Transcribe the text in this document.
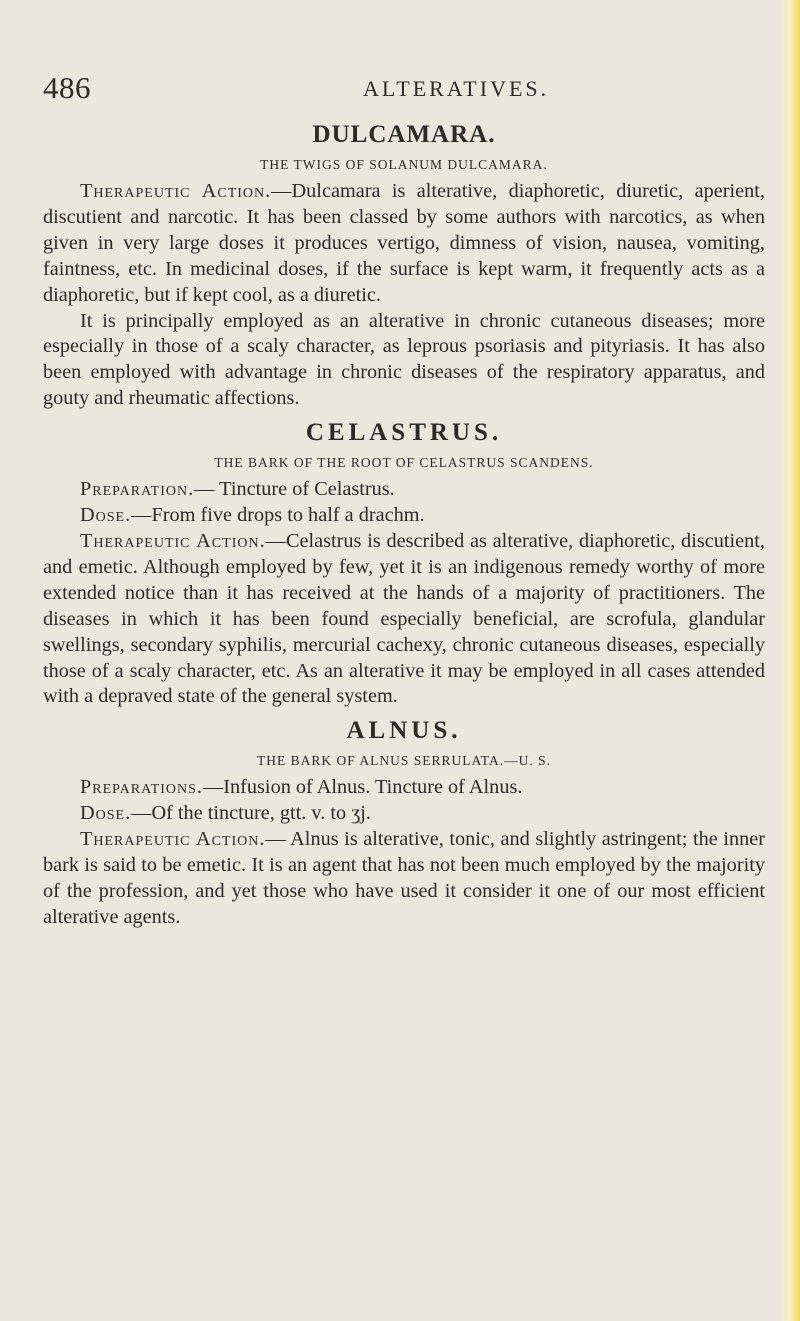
486	ALTERATIVES.
DULCAMARA.
THE TWIGS OF SOLANUM DULCAMARA.

Therapeutic Action.—Dulcamara is alterative, diaphoretic, diuretic, aperient, discutient and narcotic. It has been classed by some authors with narcotics, as when given in very large doses it produces vertigo, dimness of vision, nausea, vomiting, faintness, etc. In medicinal doses, if the surface is kept warm, it frequently acts as a diaphoretic, but if kept cool, as a diuretic.

It is principally employed as an alterative in chronic cutaneous diseases; more especially in those of a scaly character, as leprous psoriasis and pityriasis. It has also been employed with advantage in chronic diseases of the respiratory apparatus, and gouty and rheumatic affections.

CELASTRUS.
THE BARK OF THE ROOT OF CELASTRUS SCANDENS.

Preparation.— Tincture of Celastrus.

Dose.—From five drops to half a drachm.

Therapeutic Action.—Celastrus is described as alterative, diaphoretic, discutient, and emetic. Although employed by few, yet it is an indigenous remedy worthy of more extended notice than it has received at the hands of a majority of practitioners. The diseases in which it has been found especially beneficial, are scrofula, glandular swellings, secondary syphilis, mercurial cachexy, chronic cutaneous diseases, especially those of a scaly character, etc. As an alterative it may be employed in all cases attended with a depraved state of the general system.

ALNUS.
THE BARK OF ALNUS SERRULATA.—U. S.

Preparations.—Infusion of Alnus. Tincture of Alnus.

Dose.—Of the tincture, gtt. v. to ʒj.

Therapeutic Action.— Alnus is alterative, tonic, and slightly astringent; the inner bark is said to be emetic. It is an agent that has not been much employed by the majority of the profession, and yet those who have used it consider it one of our most efficient alterative agents.
